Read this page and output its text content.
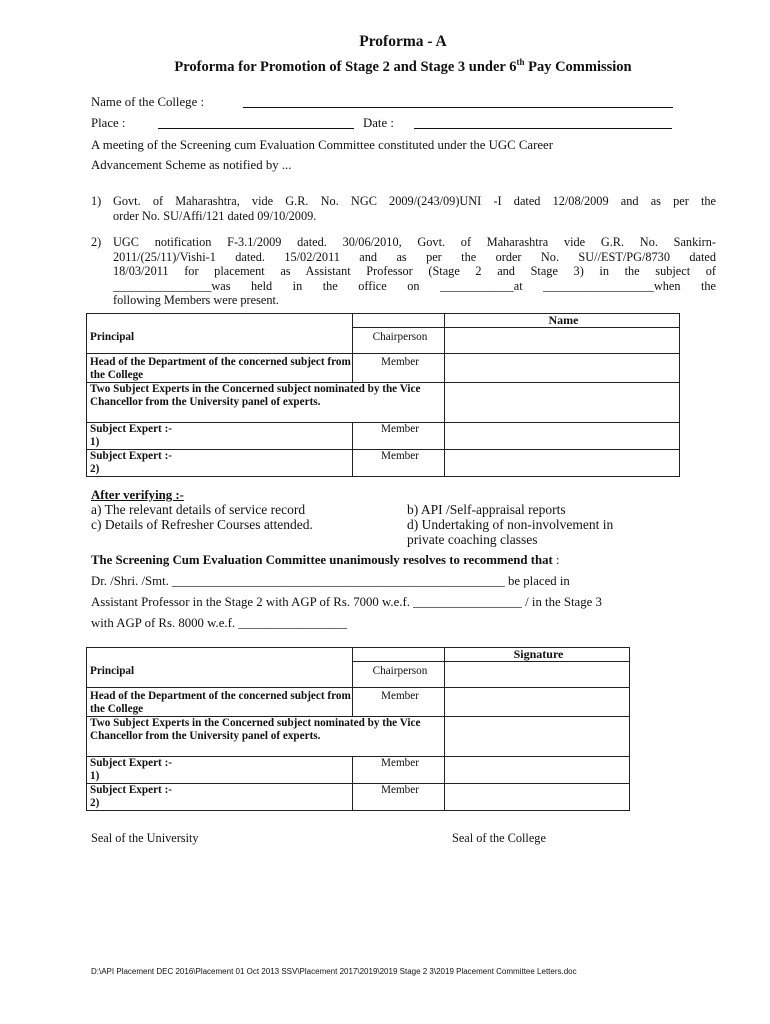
Proforma - A
Proforma for Promotion of Stage 2 and Stage 3 under 6th Pay Commission
Name of the College :
Place :	Date :
A meeting of the Screening cum Evaluation Committee constituted under the UGC Career
Advancement Scheme as notified by ...
1) Govt. of Maharashtra, vide G.R. No. NGC 2009/(243/09)UNI -I dated 12/08/2009 and as per the
order No. SU/Affi/121 dated 09/10/2009.
2) UGC notification F-3.1/2009 dated. 30/06/2010, Govt. of Maharashtra vide G.R. No. Sankirn-
2011/(25/11)/Vishi-1 dated. 15/02/2011 and as per the order No. SU//EST/PG/8730 dated
18/03/2011 for placement as Assistant Professor (Stage 2 and Stage 3) in the subject of
________________was held in the office on ____________at __________________when the
following Members were present.
		Name
Principal	Chairperson	
Head of the Department of the concerned subject from the College	Member	
Two Subject Experts in the Concerned subject nominated by the Vice Chancellor from the University panel of experts.		
Subject Expert :-
1)	Member	
Subject Expert :-
2)	Member	
After verifying :-
a) The relevant details of service record	b) API /Self-appraisal reports
c) Details of Refresher Courses attended.	d) Undertaking of non-involvement in
private coaching classes
The Screening Cum Evaluation Committee unanimously resolves to recommend that :
Dr. /Shri. /Smt. ____________________________________________________ be placed in
Assistant Professor in the Stage 2 with AGP of Rs. 7000 w.e.f. _________________ / in the Stage 3
with AGP of Rs. 8000 w.e.f. _________________
		Signature
Principal	Chairperson	
Head of the Department of the concerned subject from the College	Member	
Two Subject Experts in the Concerned subject nominated by the Vice Chancellor from the University panel of experts.		
Subject Expert :-
1)	Member	
Subject Expert :-
2)	Member	
Seal of the University	Seal of the College
D:\API Placement DEC 2016\Placement 01 Oct 2013 SSV\Placement 2017\2019\2019 Stage 2 3\2019 Placement Committee Letters.doc
